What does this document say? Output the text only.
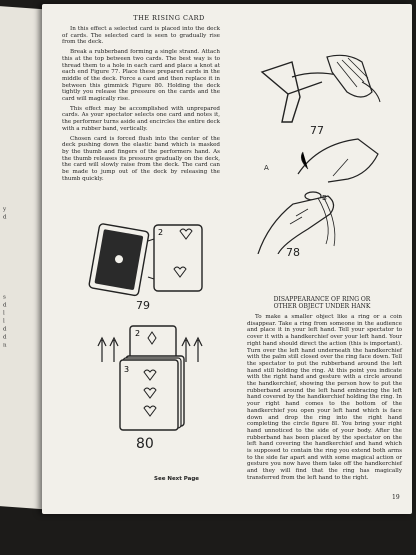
y
d
s
d
l
l
d
d
n
THE RISING CARD

In this effect a selected card is placed into the deck of cards. The selected card is seen to gradually rise from the deck.

Break a rubberband forming a single strand. Attach this at the top between two cards. The best way is to thread them to a hole in each card and place a knot at each end Figure 77. Place these prepared cards in the middle of the deck. Force a card and then replace it in between this gimmick Figure 80. Holding the deck tightly you release the pressure on the cards and the card will magically rise.

This effect may be accomplished with unprepared cards. As your spectator selects one card and notes it, the performer turns aside and encircles the entire deck with a rubber band, vertically.

Chosen card is forced flush into the center of the deck pushing down the elastic band which is masked by the thumb and fingers of the performers hand. As the thumb releases its pressure gradually on the deck, the card will slowly raise from the deck. The card can be made to jump out of the deck by releasing the thumb quickly.

77
A
B
78
2
79
2
3
80
See Next Page
DISAPPEARANCE OF RING OR
OTHER OBJECT UNDER HANK

To make a smaller object like a ring or a coin disappear. Take a ring from someone in the audience and place it in your left hand. Tell your spectator to cover it with a handkerchief over your left hand. Your right hand should direct the action (this is important). Turn over the left hand underneath the handkerchief with the palm still closed over the ring face down. Tell the spectator to put the rubberband around the left hand still holding the ring. At this point you indicate with the right hand and gesture with a circle around the handkerchief, showing the person how to put the rubberband around the left hand embracing the left hand covered by the handkerchief holding the ring. In your right hand comes to the bottom of the handkerchief you open your left hand which is face down and drop the ring into the right hand completing the circle figure 8I. You bring your right hand unnoticed to the side of your body. After the rubberband has been placed by the spectator on the left hand covering the handkerchief and hand which is supposed to contain the ring you extend both arms to the side far apart and with some magical action or gesture you now have them take off the handkerchief and they will find that the ring has magically transferred from the left hand to the right.

19
